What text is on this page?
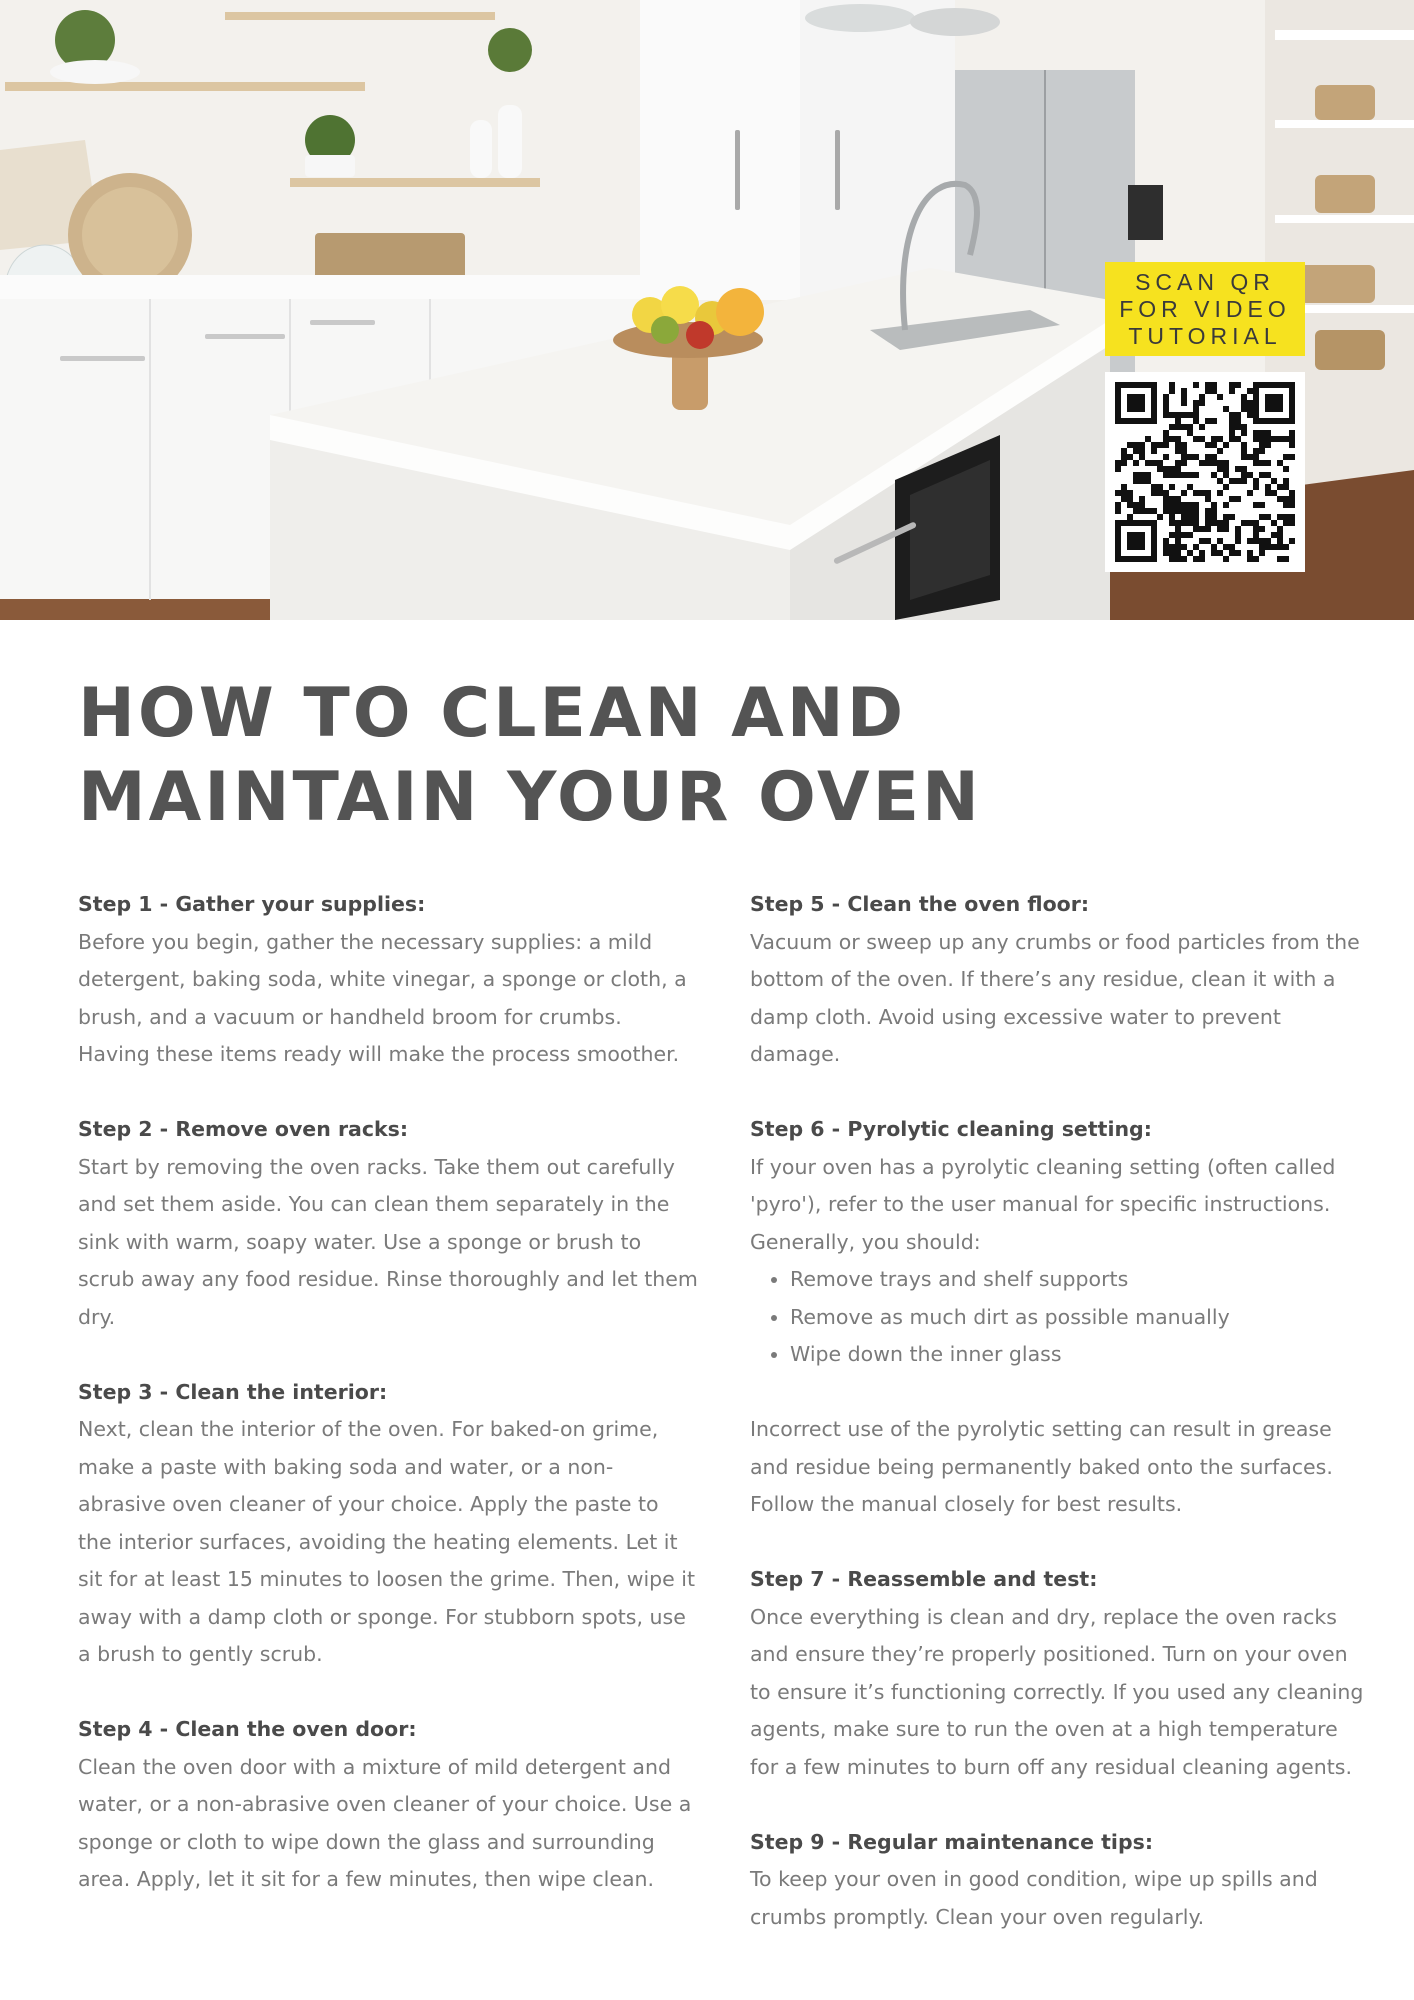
SCAN QR
FOR VIDEO
TUTORIAL
HOW TO CLEAN AND
MAINTAIN YOUR OVEN
Step 1 - Gather your supplies:

Before you begin, gather the necessary supplies: a mild detergent, baking soda, white vinegar, a sponge or cloth, a brush, and a vacuum or handheld broom for crumbs. Having these items ready will make the process smoother.

Step 2 - Remove oven racks:

Start by removing the oven racks. Take them out carefully and set them aside. You can clean them separately in the sink with warm, soapy water. Use a sponge or brush to scrub away any food residue. Rinse thoroughly and let them dry.

Step 3 - Clean the interior:

Next, clean the interior of the oven. For baked-on grime, make a paste with baking soda and water, or a non-abrasive oven cleaner of your choice. Apply the paste to the interior surfaces, avoiding the heating elements. Let it sit for at least 15 minutes to loosen the grime. Then, wipe it away with a damp cloth or sponge. For stubborn spots, use a brush to gently scrub.

Step 4 - Clean the oven door:

Clean the oven door with a mixture of mild detergent and water, or a non-abrasive oven cleaner of your choice. Use a sponge or cloth to wipe down the glass and surrounding area. Apply, let it sit for a few minutes, then wipe clean.

Step 5 - Clean the oven floor:

Vacuum or sweep up any crumbs or food particles from the bottom of the oven. If there’s any residue, clean it with a damp cloth. Avoid using excessive water to prevent damage.

Step 6 - Pyrolytic cleaning setting:

If your oven has a pyrolytic cleaning setting (often called 'pyro'), refer to the user manual for specific instructions. Generally, you should:

• Remove trays and shelf supports
• Remove as much dirt as possible manually
• Wipe down the inner glass

Incorrect use of the pyrolytic setting can result in grease and residue being permanently baked onto the surfaces. Follow the manual closely for best results.

Step 7 - Reassemble and test:

Once everything is clean and dry, replace the oven racks and ensure they’re properly positioned. Turn on your oven to ensure it’s functioning correctly. If you used any cleaning agents, make sure to run the oven at a high temperature for a few minutes to burn off any residual cleaning agents.

Step 9 - Regular maintenance tips:

To keep your oven in good condition, wipe up spills and crumbs promptly. Clean your oven regularly.
